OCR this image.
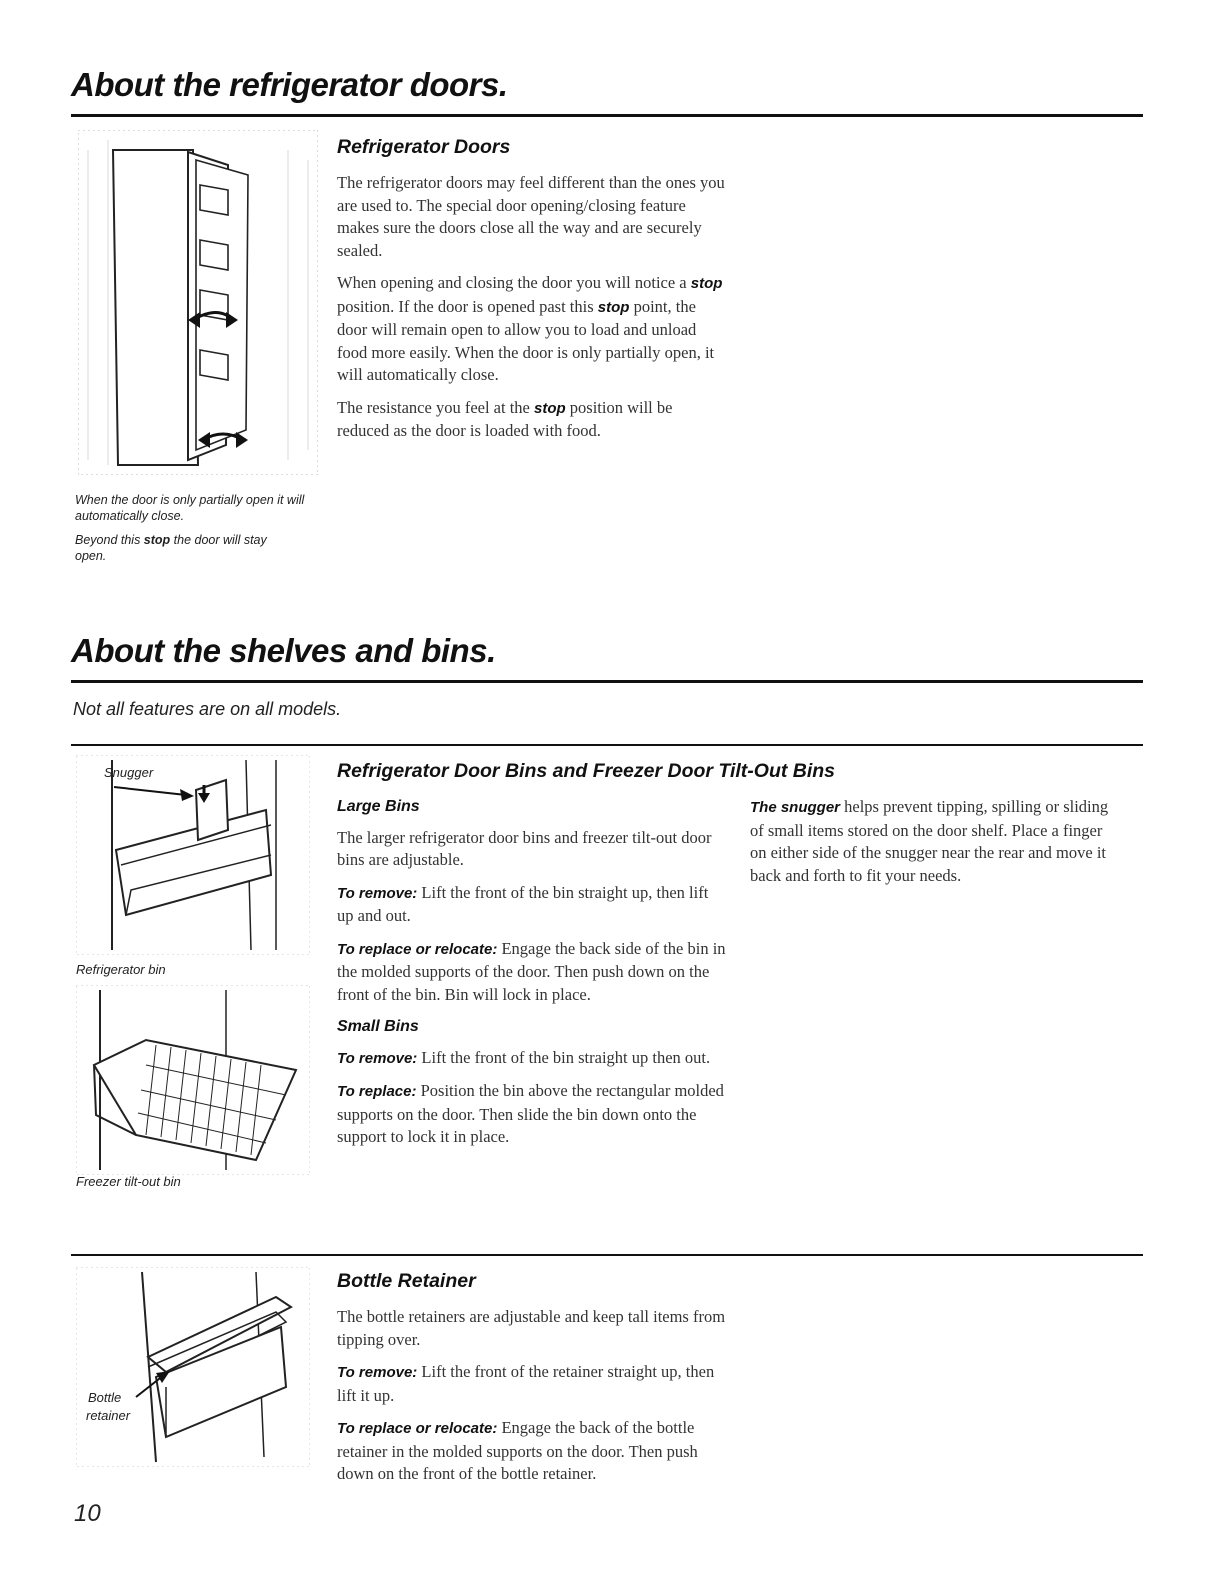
About the refrigerator doors.
Refrigerator Doors

The refrigerator doors may feel different than the ones you are used to. The special door opening/closing feature makes sure the doors close all the way and are securely sealed.

When opening and closing the door you will notice a stop position. If the door is opened past this stop point, the door will remain open to allow you to load and unload food more easily. When the door is only partially open, it will automatically close.

The resistance you feel at the stop position will be reduced as the door is loaded with food.

When the door is only partially open it will automatically close.
Beyond this stop the door will stay open.
About the shelves and bins.
Not all features are on all models.
Snugger
Refrigerator bin
Freezer tilt-out bin
Refrigerator Door Bins and Freezer Door Tilt-Out Bins
Large Bins

The larger refrigerator door bins and freezer tilt-out door bins are adjustable.

To remove: Lift the front of the bin straight up, then lift up and out.

To replace or relocate: Engage the back side of the bin in the molded supports of the door. Then push down on the front of the bin. Bin will lock in place.

Small Bins

To remove: Lift the front of the bin straight up then out.

To replace: Position the bin above the rectangular molded supports on the door. Then slide the bin down onto the support to lock it in place.

The snugger helps prevent tipping, spilling or sliding of small items stored on the door shelf. Place a finger on either side of the snugger near the rear and move it back and forth to fit your needs.

Bottle
retainer
Bottle Retainer

The bottle retainers are adjustable and keep tall items from tipping over.

To remove: Lift the front of the retainer straight up, then lift it up.

To replace or relocate: Engage the back of the bottle retainer in the molded supports on the door. Then push down on the front of the bottle retainer.

10
